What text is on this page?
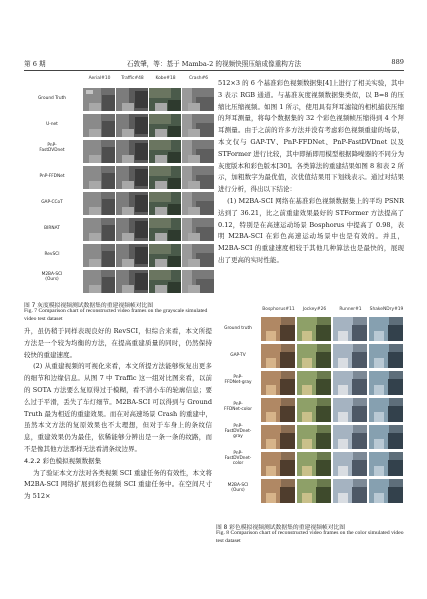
第 6 期	石敦肇，等：基于 Mamba-2 的视频快照压缩成像重构方法	889
Aerial#10	Traffic#48	Kobe#18	Crash#6
Ground Truth
U-net
PnP-
FastDVDnet
PnP-FFDNet
GAP-CCoT
BIRNAT
RevSCI
M2BA-SCI
(Ours)
图 7 灰度模拟视频测试数据集的重建视频帧对比图
Fig. 7 Comparison chart of reconstructed video frames on the grayscale simulated video test dataset

升，虽仍稍于同样表现良好的 RevSCI，但综合来看，本文所提方法是一个较为均衡的方法，在提高重建质量的同时，仍然保持较快的重建速度。

(2) 从重建视频的可视化来看，本文所提方法能够恢复出更多的细节和边缘信息。从图 7 中 Traffic 这一组对比图来看，以前的 SOTA 方法要么复原得过于模糊，看不清小车的轮廓信息；要么过于平滑，丢失了车灯细节。M2BA-SCI 可以得到与 Ground Truth 最为相近的重建效果。而在对高速场景 Crash 的重建中，虽然本文方法的复原效果也不太理想，但对于车身上的条纹信息，重建效果仍为最佳，依稀能够分辨出是一条一条的纹路，而不是像其他方法那样无法看清条纹边界。

4.2.2 彩色模拟视频数据集

为了验证本文方法对各类视频 SCI 重建任务的有效性，本文将 M2BA-SCI 网络扩展到彩色视频 SCI 重建任务中。在空间尺寸为 512×

512×3 的 6 个基准彩色视频数据集[4]上进行了相关实验，其中 3 表示 RGB 通道。与基准灰度视频数据集类似，以 B=8 的压缩比压缩视频。如图 1 所示，使用具有拜耳滤镜的相机捕获压缩的拜耳测量，将每个数据集的 32 个彩色视频帧压缩得到 4 个拜耳测量。由于之前的许多方法并没有考虑彩色视频重建的场景，本文仅与 GAP-TV、PnP-FFDNet、PnP-FastDVDnet 以及 STFormer 进行比较，其中即插即用模型根据降噪器的不同分为灰度版本和彩色版本[30]。各类算法的重建结果如图 8 和表 2 所示，加粗数字为最优值，次优值结果用下划线表示。通过对结果进行分析，得出以下结论：

(1) M2BA-SCI 网络在基准彩色视频数据集上的平均 PSNR 达到了 36.21，比之前重建效果最好的 STFormer 方法提高了 0.12，特别是在高速运动场景 Bosphorus 中提高了 0.98，表明 M2BA-SCI 在彩色高速运动场景中也是有效的。并且，M2BA-SCI 的重建速度相较于其他几种算法也是最快的，展现出了更高的实时性能。

Bosphorus#11	Jockey#26	Runner#1	ShakeNDry#19
Ground truth
GAP-TV
PnP-
FFDNet-gray
PnP-
FFDNet-color
PnP-
FastDVDnet-
gray
PnP-
FastDVDnet-
color
M2BA-SCI
(Ours)
图 8 彩色模拟视频测试数据集的重建视频帧对比图
Fig. 8 Comparison chart of reconstructed video frames on the color simulated video test dataset
